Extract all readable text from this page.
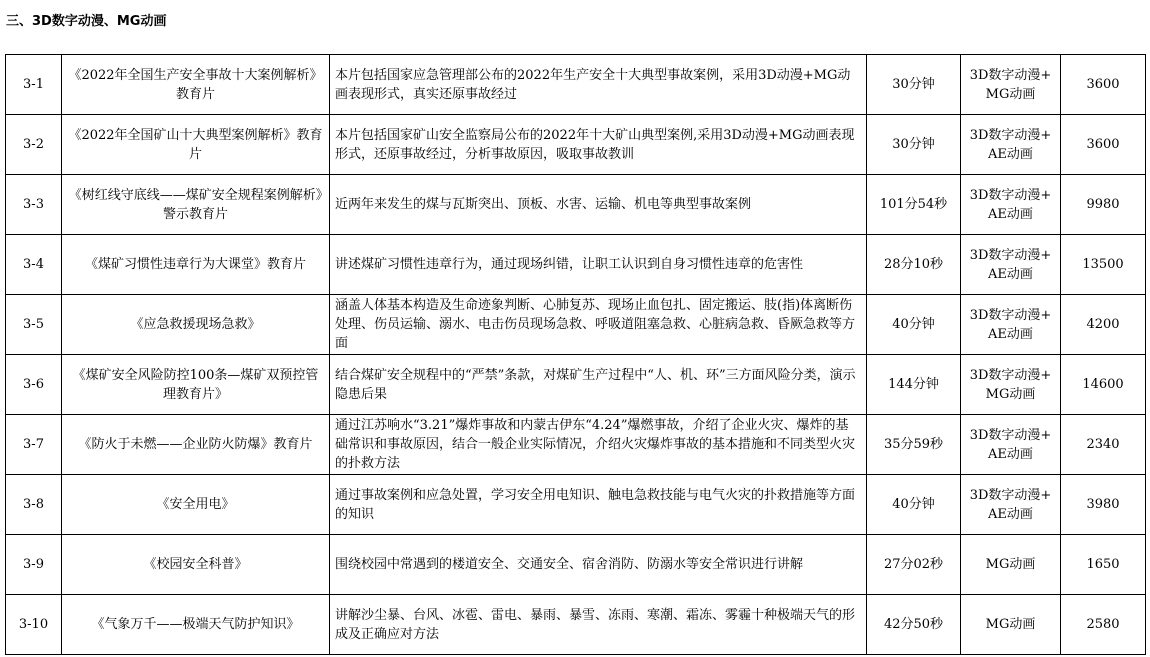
三、3D数字动漫、MG动画
3-1	《2022年全国生产安全事故十大案例解析》教育片	本片包括国家应急管理部公布的2022年生产安全十大典型事故案例，采用3D动漫+MG动画表现形式，真实还原事故经过	30分钟	3D数字动漫+MG动画	3600
3-2	《2022年全国矿山十大典型案例解析》教育片	本片包括国家矿山安全监察局公布的2022年十大矿山典型案例,采用3D动漫+MG动画表现形式，还原事故经过，分析事故原因，吸取事故教训	30分钟	3D数字动漫+AE动画	3600
3-3	《树红线守底线——煤矿安全规程案例解析》警示教育片	近两年来发生的煤与瓦斯突出、顶板、水害、运输、机电等典型事故案例	101分54秒	3D数字动漫+AE动画	9980
3-4	《煤矿习惯性违章行为大课堂》教育片	讲述煤矿习惯性违章行为，通过现场纠错，让职工认识到自身习惯性违章的危害性	28分10秒	3D数字动漫+AE动画	13500
3-5	《应急救援现场急救》	涵盖人体基本构造及生命迹象判断、心肺复苏、现场止血包扎、固定搬运、肢(指)体离断伤处理、伤员运输、溺水、电击伤员现场急救、呼吸道阻塞急救、心脏病急救、昏厥急救等方面	40分钟	3D数字动漫+AE动画	4200
3-6	《煤矿安全风险防控100条—煤矿双预控管理教育片》	结合煤矿安全规程中的“严禁”条款，对煤矿生产过程中“人、机、环”三方面风险分类，演示隐患后果	144分钟	3D数字动漫+MG动画	14600
3-7	《防火于未燃——企业防火防爆》教育片	通过江苏响水“3.21”爆炸事故和内蒙古伊东“4.24”爆燃事故，介绍了企业火灾、爆炸的基础常识和事故原因，结合一般企业实际情况，介绍火灾爆炸事故的基本措施和不同类型火灾的扑救方法	35分59秒	3D数字动漫+AE动画	2340
3-8	《安全用电》	通过事故案例和应急处置，学习安全用电知识、触电急救技能与电气火灾的扑救措施等方面的知识	40分钟	3D数字动漫+AE动画	3980
3-9	《校园安全科普》	围绕校园中常遇到的楼道安全、交通安全、宿舍消防、防溺水等安全常识进行讲解	27分02秒	MG动画	1650
3-10	《气象万千——极端天气防护知识》	讲解沙尘暴、台风、冰雹、雷电、暴雨、暴雪、冻雨、寒潮、霜冻、雾霾十种极端天气的形成及正确应对方法	42分50秒	MG动画	2580
